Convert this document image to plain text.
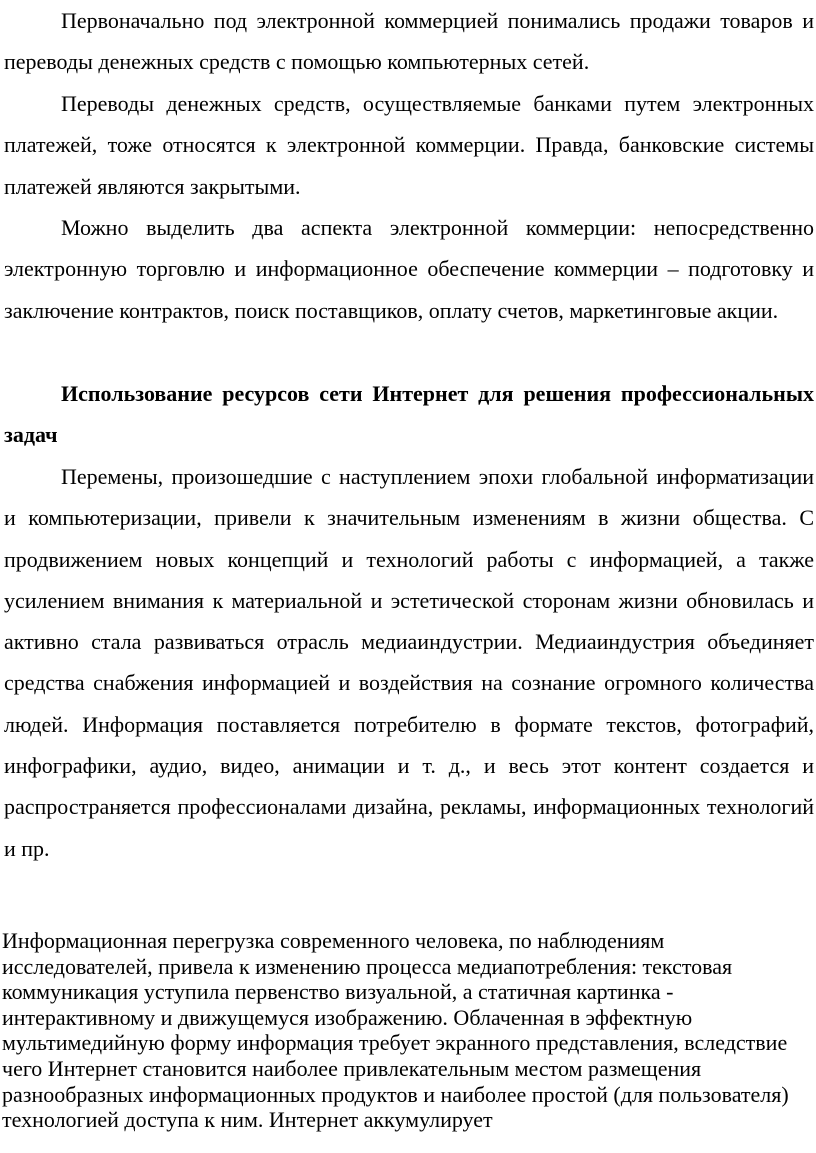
Первоначально под электронной коммерцией понимались продажи товаров и переводы денежных средств с помощью компьютерных сетей.

Переводы денежных средств, осуществляемые банками путем электронных платежей, тоже относятся к электронной коммерции. Правда, банковские системы платежей являются закрытыми.

Можно выделить два аспекта электронной коммерции: непосредственно электронную торговлю и информационное обеспечение коммерции – подготовку и заключение контрактов, поиск поставщиков, оплату счетов, маркетинговые акции.

Использование ресурсов сети Интернет для решения профессиональных задач

Перемены, произошедшие с наступлением эпохи глобальной информатизации и компьютеризации, привели к значительным изменениям в жизни общества. С продвижением новых концепций и технологий работы с информацией, а также усилением внимания к материальной и эстетической сторонам жизни обновилась и активно стала развиваться отрасль медиаиндустрии. Медиаиндустрия объединяет средства снабжения информацией и воздействия на сознание огромного количества людей. Информация поставляется потребителю в формате текстов, фотографий, инфографики, аудио, видео, анимации и т. д., и весь этот контент создается и распространяется профессионалами дизайна, рекламы, информационных технологий и пр.

Информационная перегрузка современного человека, по наблюдениям исследователей, привела к изменению процесса медиапотребления: текстовая коммуникация уступила первенство визуальной, а статичная картинка - интерактивному и движущемуся изображению. Облаченная в эффектную мультимедийную форму информация требует экранного представления, вследствие чего Интернет становится наиболее привлекательным местом размещения разнообразных информационных продуктов и наиболее простой (для пользователя) технологией доступа к ним. Интернет аккумулирует
